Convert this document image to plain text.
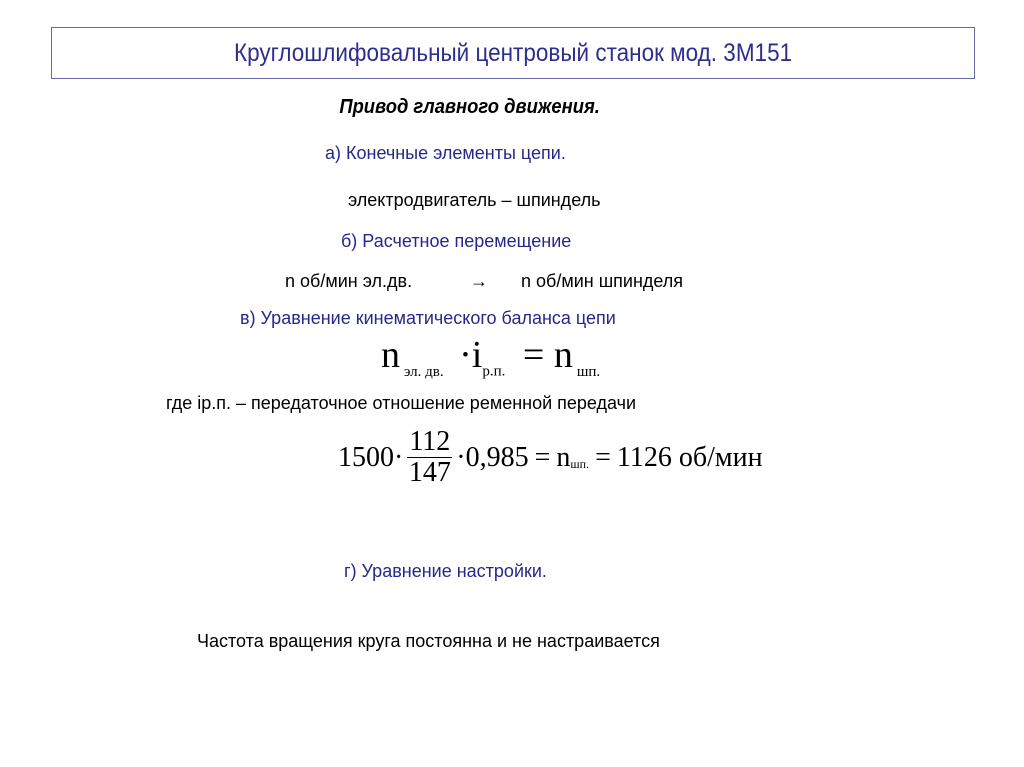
Круглошлифовальный центровый станок мод. 3М151
Привод главного движения.
а) Конечные элементы цепи.
электродвигатель – шпиндель
б) Расчетное перемещение
n об/мин эл.дв.	→ n об/мин шпинделя
в) Уравнение кинематического баланса цепи
n $_{эл. дв.} \cdot i_{р.п.} = n$ $_{шп.}$
где iр.п. – передаточное отношение ременной передачи
$1500 \cdot \frac{112}{147} \cdot 0,985 = n_{шп.} = 1126$ об/мин
г) Уравнение настройки.
Частота вращения круга постоянна и не настраивается
